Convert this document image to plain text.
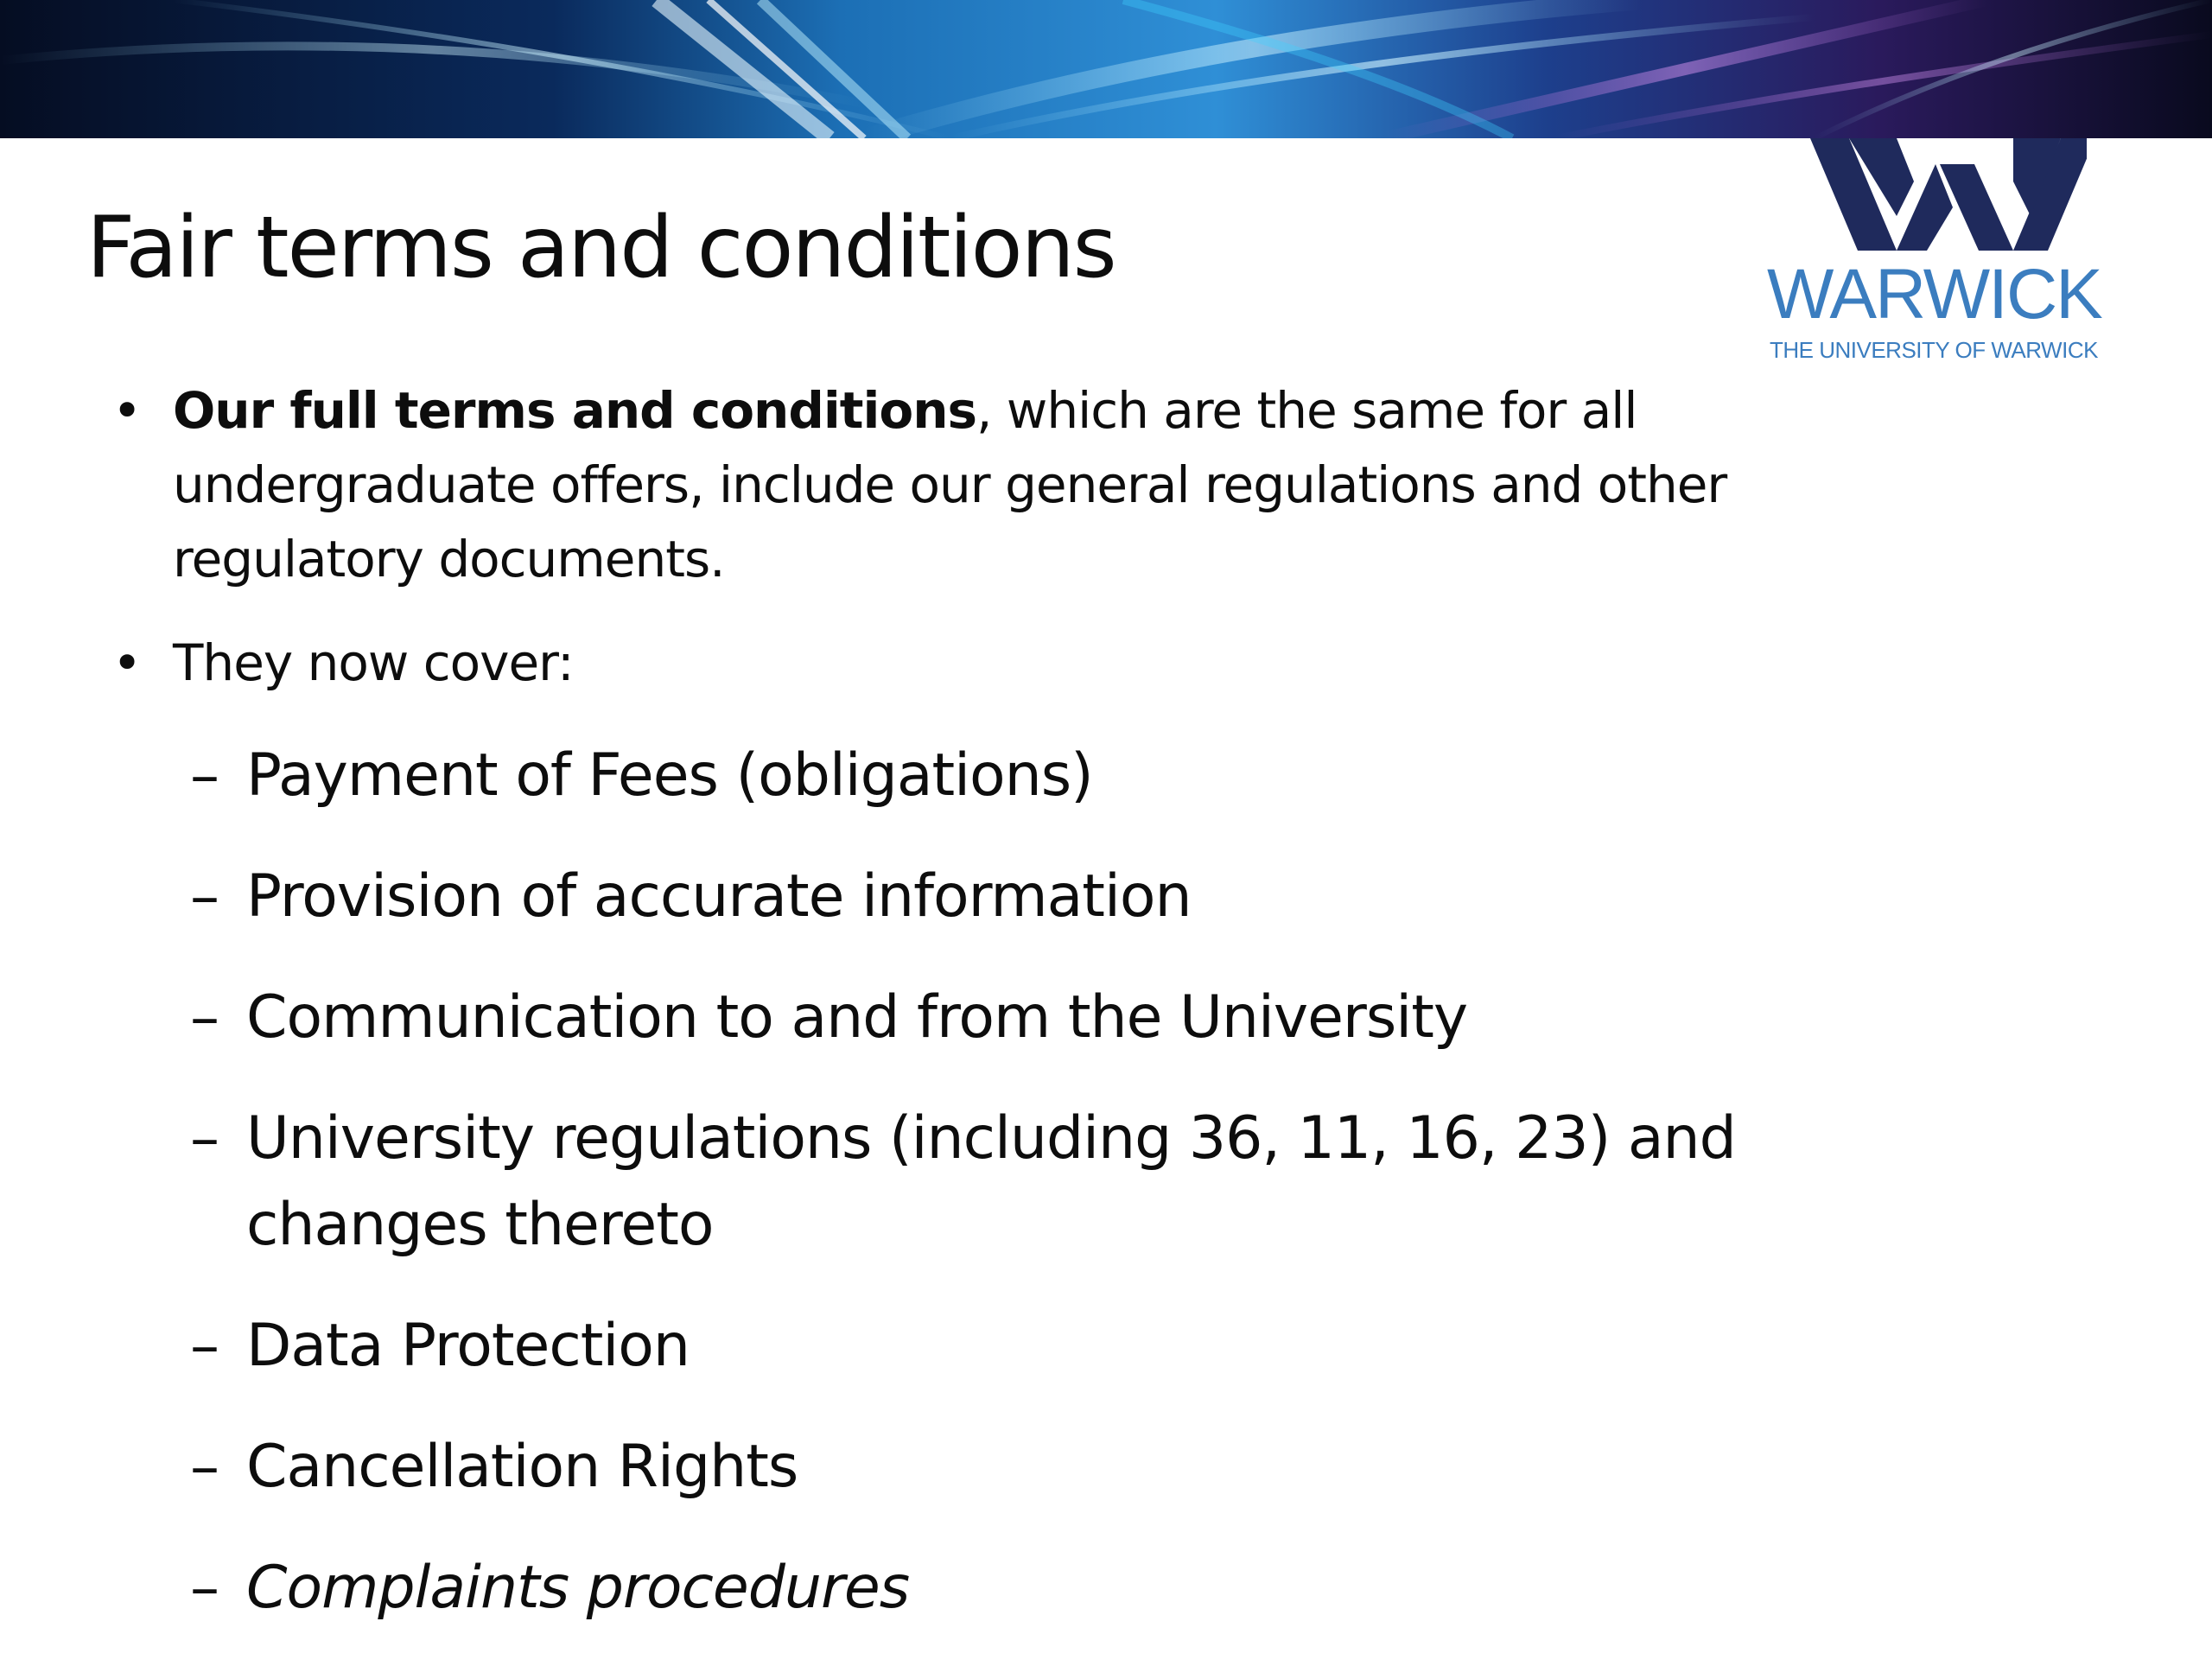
WARWICK
THE UNIVERSITY OF WARWICK
Fair terms and conditions
• Our full terms and conditions, which are the same for all undergraduate offers, include our general regulations and other regulatory documents.
• They now cover:
– Payment of Fees (obligations)
– Provision of accurate information
– Communication to and from the University
– University regulations (including 36, 11, 16, 23) and
changes thereto
– Data Protection
– Cancellation Rights
– Complaints procedures
